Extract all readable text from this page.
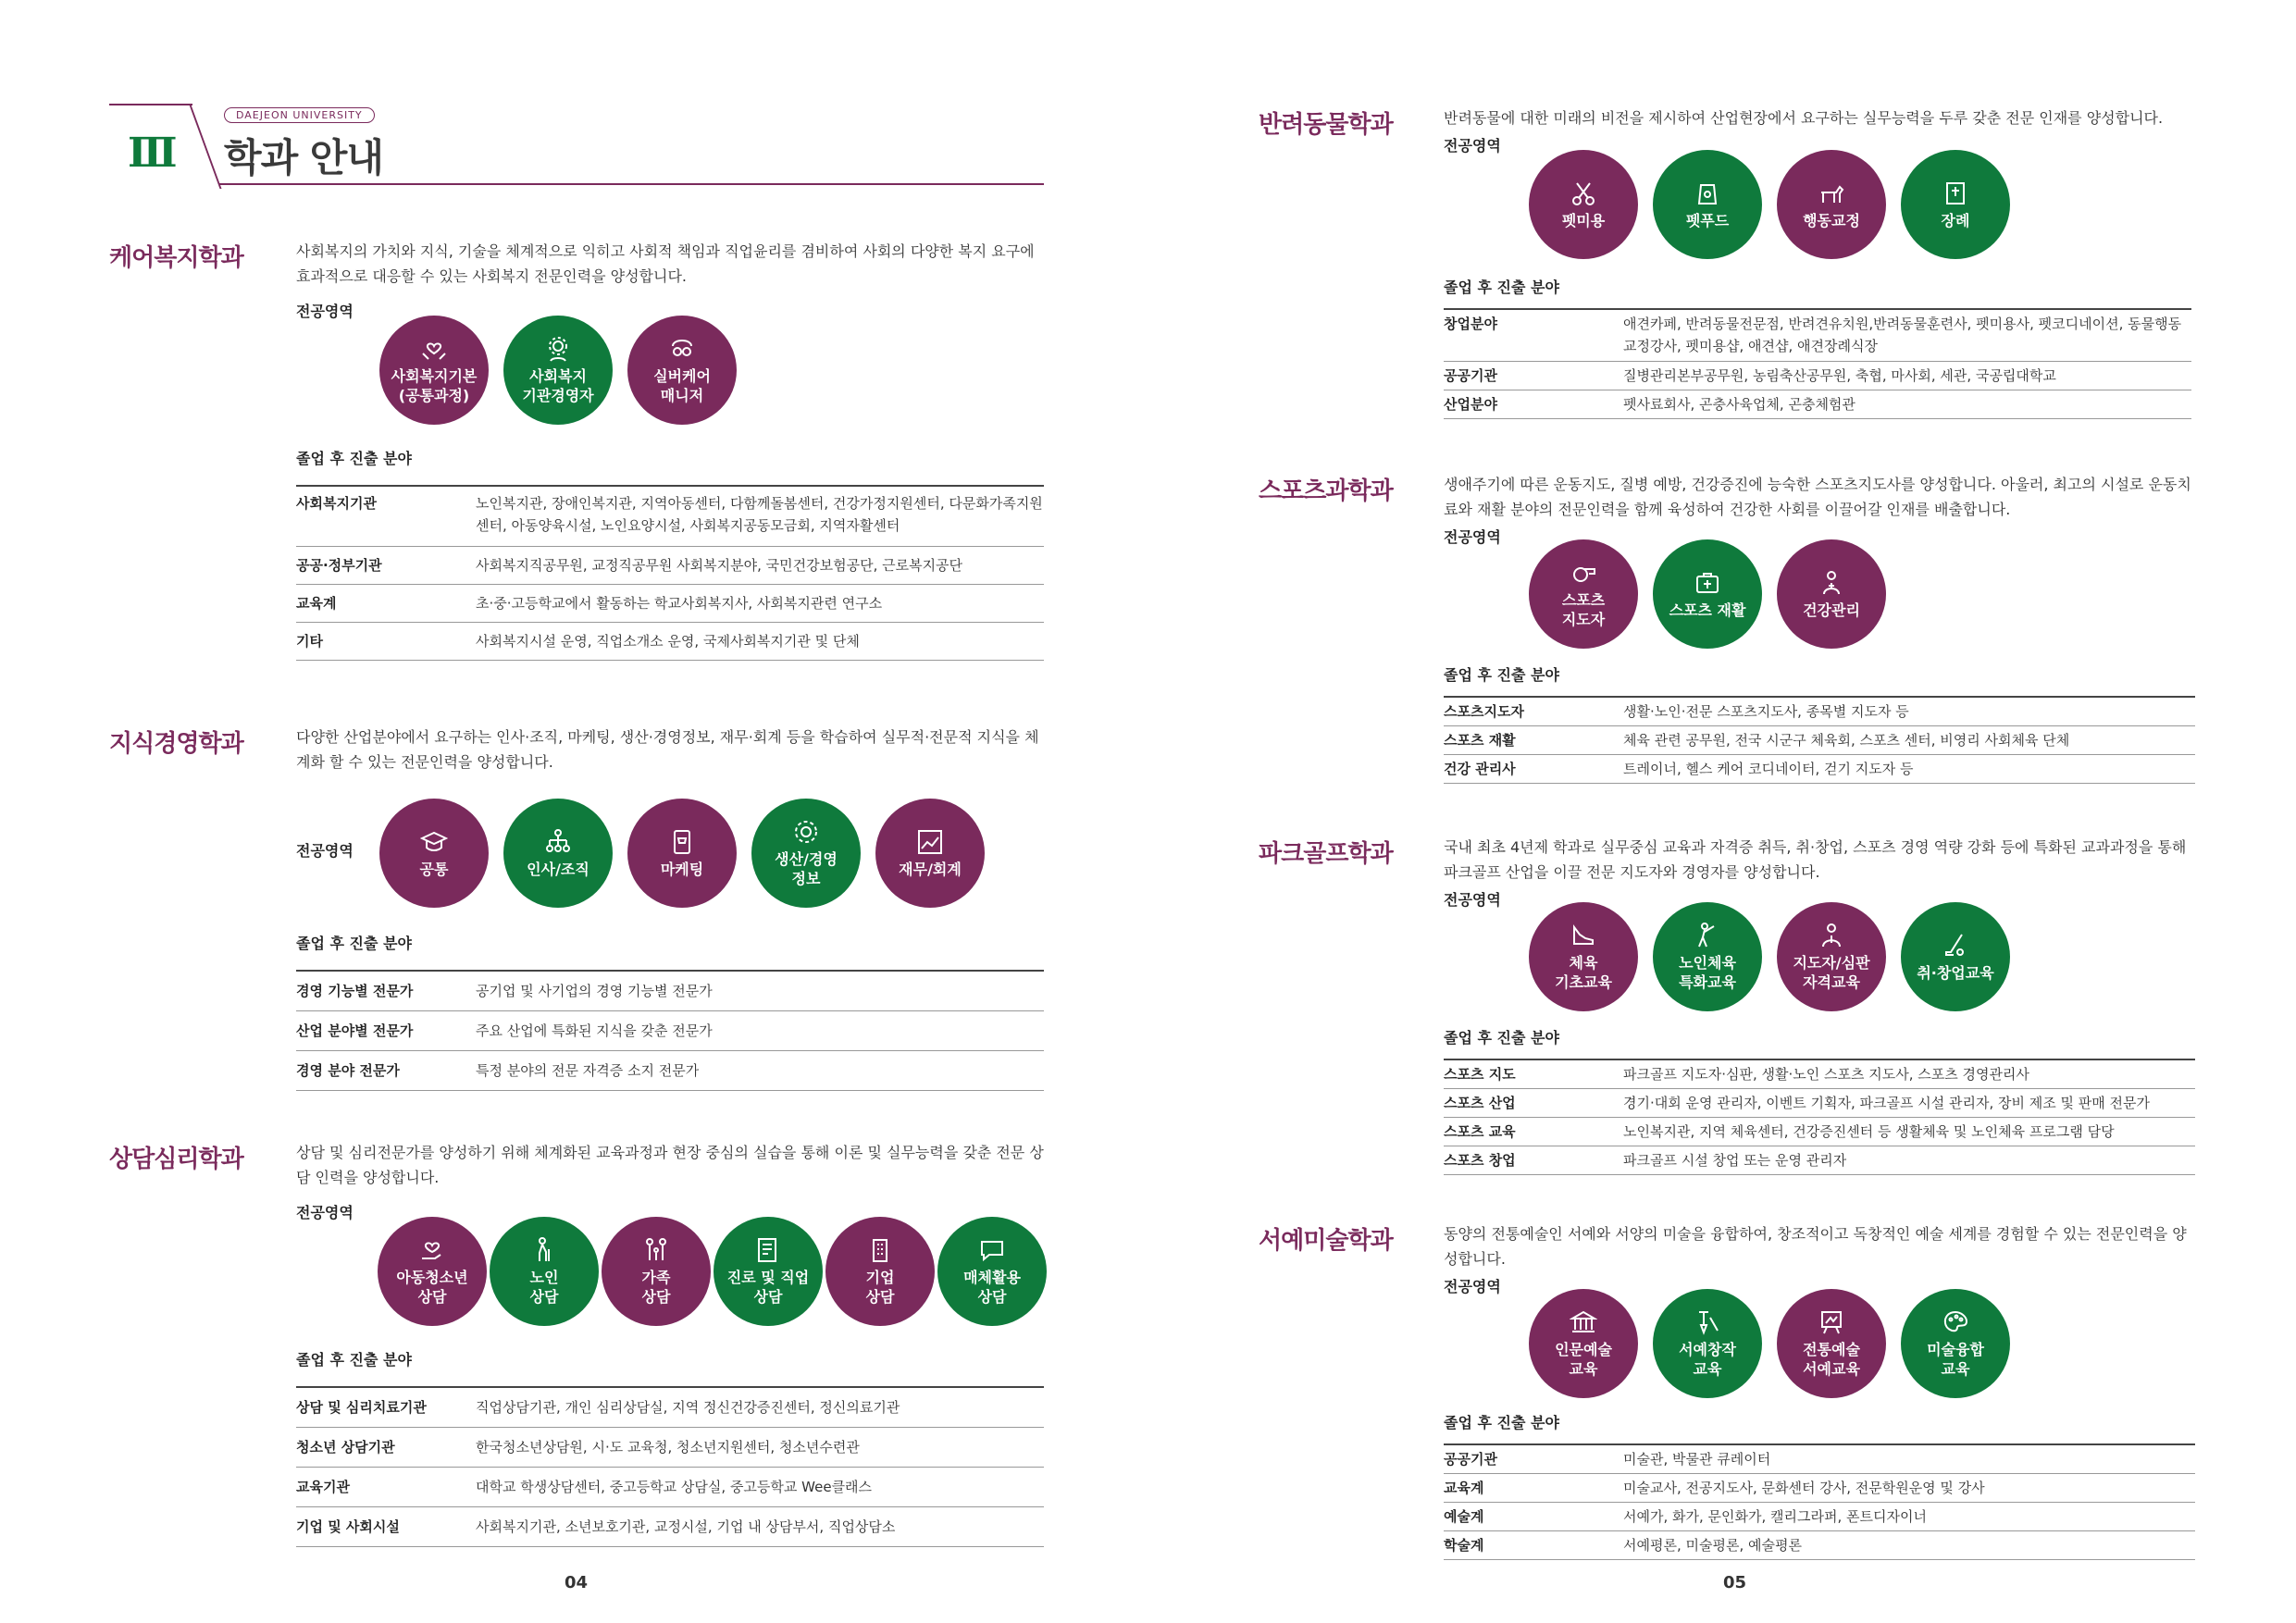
Ⅲ
DAEJEON UNIVERSITY
학과 안내
케어복지학과	사회복지의 가치와 지식, 기술을 체계적으로 익히고 사회적 책임과 직업윤리를 겸비하여 사회의 다양한 복지 요구에 효과적으로 대응할 수 있는 사회복지 전문인력을 양성합니다.

전공영역
사회복지기본
(공통과정)
사회복지
기관경영자
실버케어
매니저
졸업 후 진출 분야
사회복지기관	노인복지관, 장애인복지관, 지역아동센터, 다함께돌봄센터, 건강가정지원센터, 다문화가족지원센터, 아동양육시설, 노인요양시설, 사회복지공동모금회, 지역자활센터
공공·정부기관	사회복지직공무원, 교정직공무원 사회복지분야, 국민건강보험공단, 근로복지공단
교육계	초·중·고등학교에서 활동하는 학교사회복지사, 사회복지관련 연구소
기타	사회복지시설 운영, 직업소개소 운영, 국제사회복지기관 및 단체
지식경영학과	다양한 산업분야에서 요구하는 인사·조직, 마케팅, 생산·경영정보, 재무·회계 등을 학습하여 실무적·전문적 지식을 체계화 할 수 있는 전문인력을 양성합니다.

전공영역
공통	인사/조직	마케팅
생산/경영
정보
재무/회계
졸업 후 진출 분야
경영 기능별 전문가	공기업 및 사기업의 경영 기능별 전문가
산업 분야별 전문가	주요 산업에 특화된 지식을 갖춘 전문가
경영 분야 전문가	특정 분야의 전문 자격증 소지 전문가
상담심리학과	상담 및 심리전문가를 양성하기 위해 체계화된 교육과정과 현장 중심의 실습을 통해 이론 및 실무능력을 갖춘 전문 상담 인력을 양성합니다.

전공영역
아동청소년
상담
노인
상담
가족
상담
진로 및 직업
상담
기업
상담
매체활용
상담
졸업 후 진출 분야
상담 및 심리치료기관	직업상담기관, 개인 심리상담실, 지역 정신건강증진센터, 정신의료기관
청소년 상담기관	한국청소년상담원, 시·도 교육청, 청소년지원센터, 청소년수련관
교육기관	대학교 학생상담센터, 중고등학교 상담실, 중고등학교 Wee클래스
기업 및 사회시설	사회복지기관, 소년보호기관, 교정시설, 기업 내 상담부서, 직업상담소
04
반려동물학과	반려동물에 대한 미래의 비전을 제시하여 산업현장에서 요구하는 실무능력을 두루 갖춘 전문 인재를 양성합니다.

전공영역
펫미용	펫푸드	행동교정	장례
졸업 후 진출 분야
창업분야	애견카페, 반려동물전문점, 반려견유치원,반려동물훈련사, 펫미용사, 펫코디네이션, 동물행동교정강사, 펫미용샵, 애견샵, 애견장례식장
공공기관	질병관리본부공무원, 농림축산공무원, 축협, 마사회, 세관, 국공립대학교
산업분야	펫사료회사, 곤충사육업체, 곤충체험관
스포츠과학과	생애주기에 따른 운동지도, 질병 예방, 건강증진에 능숙한 스포츠지도사를 양성합니다. 아울러, 최고의 시설로 운동치료와 재활 분야의 전문인력을 함께 육성하여 건강한 사회를 이끌어갈 인재를 배출합니다.

전공영역
스포츠
지도자
스포츠 재활	건강관리
졸업 후 진출 분야
스포츠지도자	생활·노인·전문 스포츠지도사, 종목별 지도자 등
스포츠 재활	체육 관련 공무원, 전국 시군구 체육회, 스포츠 센터, 비영리 사회체육 단체
건강 관리사	트레이너, 헬스 케어 코디네이터, 걷기 지도자 등
파크골프학과	국내 최초 4년제 학과로 실무중심 교육과 자격증 취득, 취·창업, 스포츠 경영 역량 강화 등에 특화된 교과과정을 통해 파크골프 산업을 이끌 전문 지도자와 경영자를 양성합니다.

전공영역
체육
기초교육
노인체육
특화교육
지도자/심판
자격교육
취·창업교육
졸업 후 진출 분야
스포츠 지도	파크골프 지도자·심판, 생활·노인 스포츠 지도사, 스포츠 경영관리사
스포츠 산업	경기·대회 운영 관리자, 이벤트 기획자, 파크골프 시설 관리자, 장비 제조 및 판매 전문가
스포츠 교육	노인복지관, 지역 체육센터, 건강증진센터 등 생활체육 및 노인체육 프로그램 담당
스포츠 창업	파크골프 시설 창업 또는 운영 관리자
서예미술학과	동양의 전통예술인 서예와 서양의 미술을 융합하여, 창조적이고 독창적인 예술 세계를 경험할 수 있는 전문인력을 양성합니다.

전공영역
인문예술
교육
서예창작
교육
전통예술
서예교육
미술융합
교육
졸업 후 진출 분야
공공기관	미술관, 박물관 큐레이터
교육계	미술교사, 전공지도사, 문화센터 강사, 전문학원운영 및 강사
예술계	서예가, 화가, 문인화가, 캘리그라퍼, 폰트디자이너
학술계	서예평론, 미술평론, 예술평론
05
